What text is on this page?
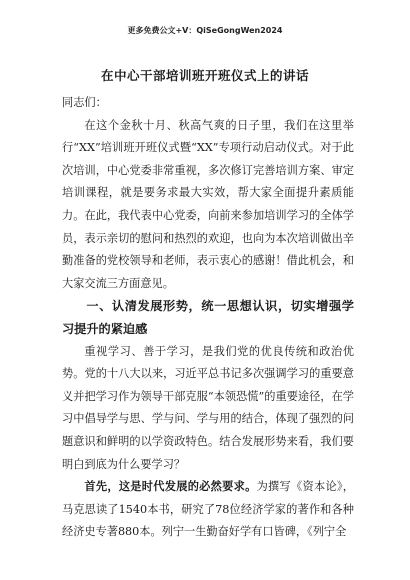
更多免费公文+V：QiSeGongWen2024
在中心干部培训班开班仪式上的讲话

同志们：

在这个金秋十月、秋高气爽的日子里，我们在这里举行“XX”培训班开班仪式暨“XX”专项行动启动仪式。对于此次培训，中心党委非常重视，多次修订完善培训方案、审定培训课程，就是要务求最大实效，帮大家全面提升素质能力。在此，我代表中心党委，向前来参加培训学习的全体学员，表示亲切的慰问和热烈的欢迎，也向为本次培训做出辛勤准备的党校领导和老师，表示衷心的感谢！借此机会，和大家交流三方面意见。

一、认清发展形势，统一思想认识，切实增强学习提升的紧迫感

重视学习、善于学习，是我们党的优良传统和政治优势。党的十八大以来，习近平总书记多次强调学习的重要意义并把学习作为领导干部克服“本领恐慌”的重要途径，在学习中倡导学与思、学与问、学与用的结合，体现了强烈的问题意识和鲜明的以学资政特色。结合发展形势来看，我们要明白到底为什么要学习？

首先，这是时代发展的必然要求。为撰写《资本论》，马克思读了1540本书，研究了78位经济学家的著作和各种经济史专著880本。列宁一生勤奋好学有口皆碑，《列宁全
